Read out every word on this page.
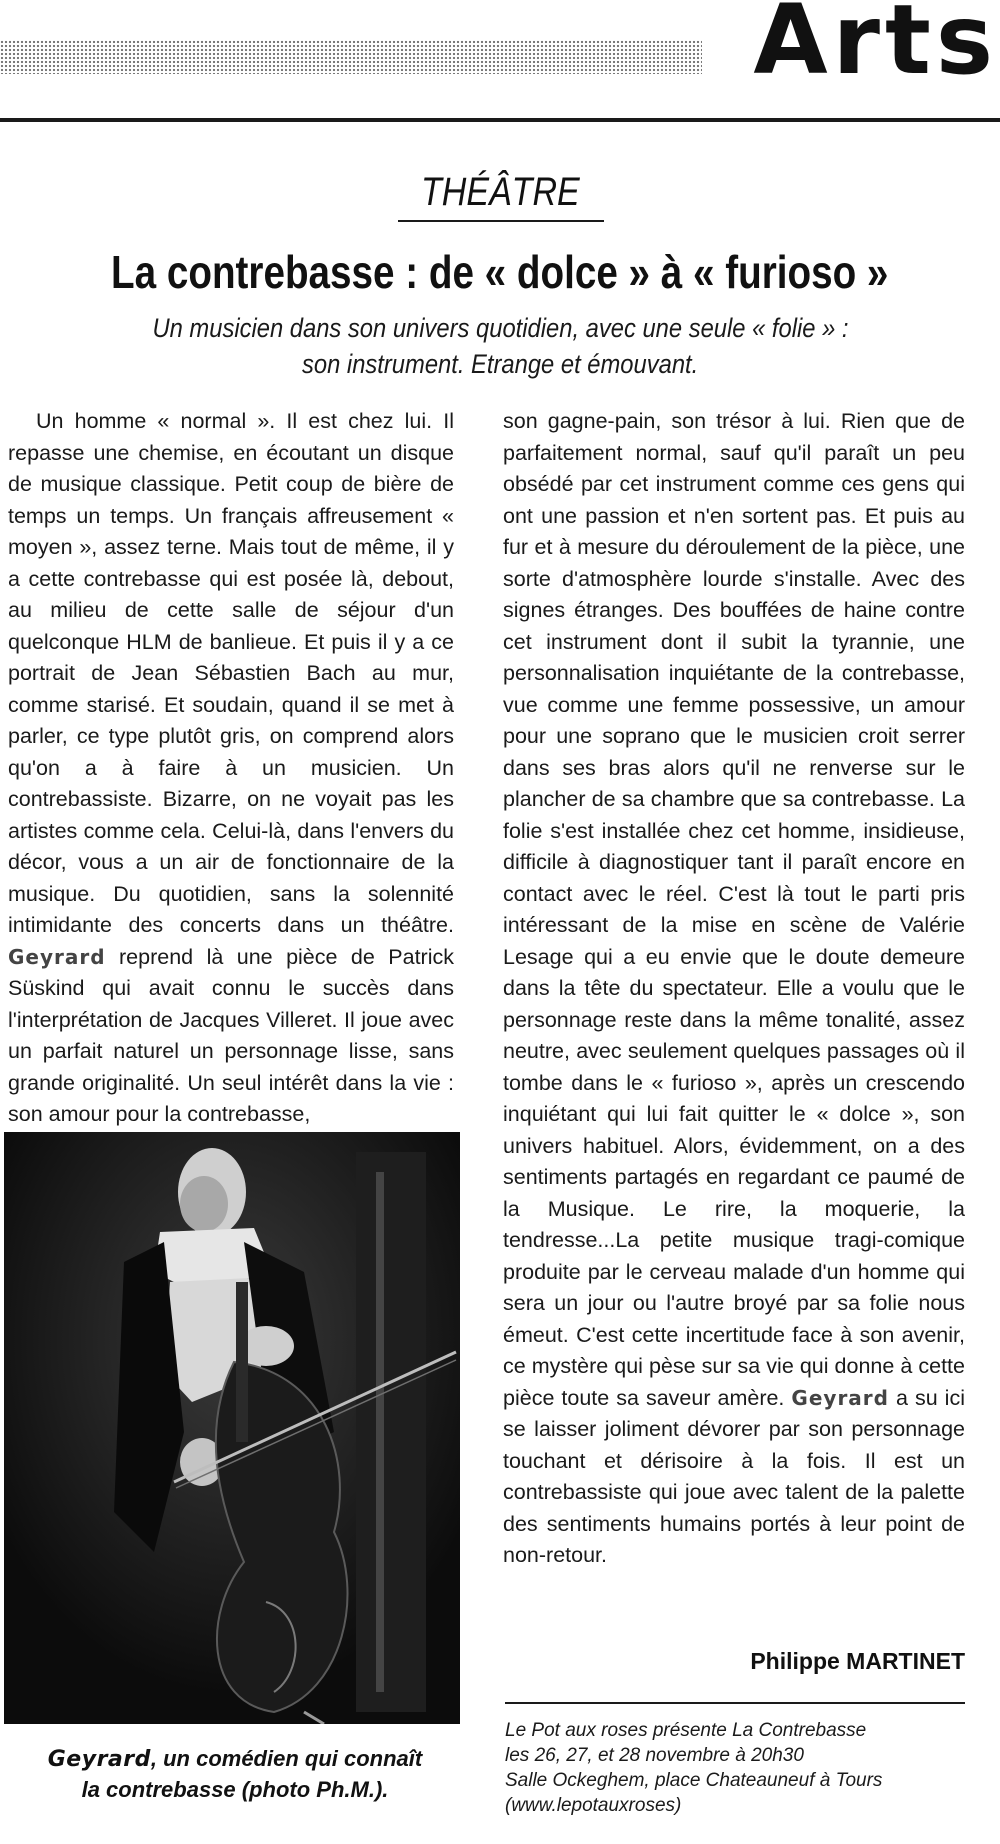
Arts
THÉÂTRE
La contrebasse : de « dolce » à « furioso »
Un musicien dans son univers quotidien, avec une seule « folie » :
son instrument. Etrange et émouvant.

Un homme « normal ». Il est chez lui. Il repasse une chemise, en écoutant un disque de musique classique. Petit coup de bière de temps un temps. Un français affreusement « moyen », assez terne. Mais tout de même, il y a cette contrebasse qui est posée là, debout, au milieu de cette salle de séjour d'un quelconque HLM de banlieue. Et puis il y a ce portrait de Jean Sébastien Bach au mur, comme starisé. Et soudain, quand il se met à parler, ce type plutôt gris, on comprend alors qu'on a à faire à un musicien. Un contrebassiste. Bizarre, on ne voyait pas les artistes comme cela. Celui-là, dans l'envers du décor, vous a un air de fonctionnaire de la musique. Du quotidien, sans la solennité intimidante des concerts dans un théâtre. Geyrard reprend là une pièce de Patrick Süskind qui avait connu le succès dans l'interprétation de Jacques Villeret. Il joue avec un parfait naturel un personnage lisse, sans grande originalité. Un seul intérêt dans la vie : son amour pour la contrebasse,

son gagne-pain, son trésor à lui. Rien que de parfaitement normal, sauf qu'il paraît un peu obsédé par cet instrument comme ces gens qui ont une passion et n'en sortent pas. Et puis au fur et à mesure du déroulement de la pièce, une sorte d'atmosphère lourde s'installe. Avec des signes étranges. Des bouffées de haine contre cet instrument dont il subit la tyrannie, une personnalisation inquiétante de la contrebasse, vue comme une femme possessive, un amour pour une soprano que le musicien croit serrer dans ses bras alors qu'il ne renverse sur le plancher de sa chambre que sa contrebasse. La folie s'est installée chez cet homme, insidieuse, difficile à diagnostiquer tant il paraît encore en contact avec le réel. C'est là tout le parti pris intéressant de la mise en scène de Valérie Lesage qui a eu envie que le doute demeure dans la tête du spectateur. Elle a voulu que le personnage reste dans la même tonalité, assez neutre, avec seulement quelques passages où il tombe dans le « furioso », après un crescendo inquiétant qui lui fait quitter le « dolce », son univers habituel. Alors, évidemment, on a des sentiments partagés en regardant ce paumé de la Musique. Le rire, la moquerie, la tendresse...La petite musique tragi-comique produite par le cerveau malade d'un homme qui sera un jour ou l'autre broyé par sa folie nous émeut. C'est cette incertitude face à son avenir, ce mystère qui pèse sur sa vie qui donne à cette pièce toute sa saveur amère. Geyrard a su ici se laisser joliment dévorer par son personnage touchant et dérisoire à la fois. Il est un contrebassiste qui joue avec talent de la palette des sentiments humains portés à leur point de non-retour.

Geyrard, un comédien qui connaît
la contrebasse (photo Ph.M.).
Philippe MARTINET
Le Pot aux roses présente La Contrebasse
les 26, 27, et 28 novembre à 20h30
Salle Ockeghem, place Chateauneuf à Tours
(www.lepotauxroses)
